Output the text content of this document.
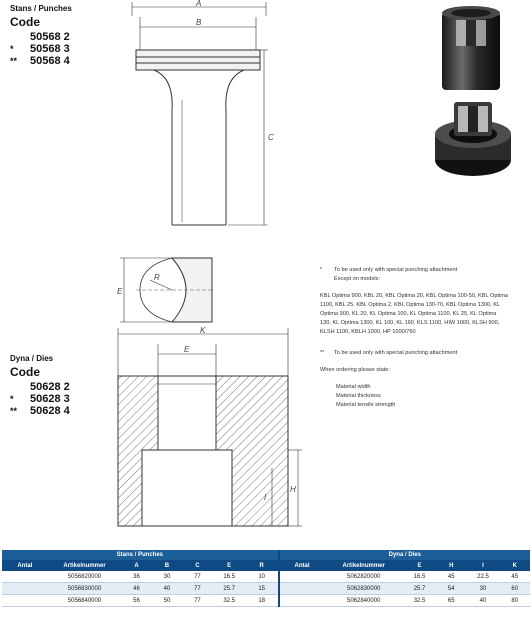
Stans / Punches
Code
50568 2
* 50568 3
** 50568 4
A
B
C
E
R

* To be used only with special punching attachment

Except on models:

KBL Optima 900, KBL 20, KBL Optima 20, KBL Optima 100-50, KBL Optima 1100, KBL 25, KBL Optima 2, KBL Optima 130-70, KBL Optima 1300, KL Optima 900, KL 20, KL Optima 100, KL Optima 1100, KL 25, KL Optima 130, KL Optima 1300, KL 100, KL 160, KLS 1100, HIW 1000, KLSH 900, KLSH 1100, KBLH 1000, HP 1000/760

** To be used only with special punching attachment

When ordering please state:

Material width

Material thickness

Material tensile strength

Dyna / Dies
Code
50628 2
* 50628 3
** 50628 4
K
E
H
I
Stans / Punches							Dyna / Dies					
Antal	Artikelnummer	A	B	C	E	R	Antal	Artikelnummer	E	H	I	K
	5056820000	36	30	77	16.5	10		5062820000	16.5	45	22.5	45
	5056830000	46	40	77	25.7	15		5062830000	25.7	54	30	60
	5056840000	56	50	77	32.5	18		5062840000	32.5	65	40	80
